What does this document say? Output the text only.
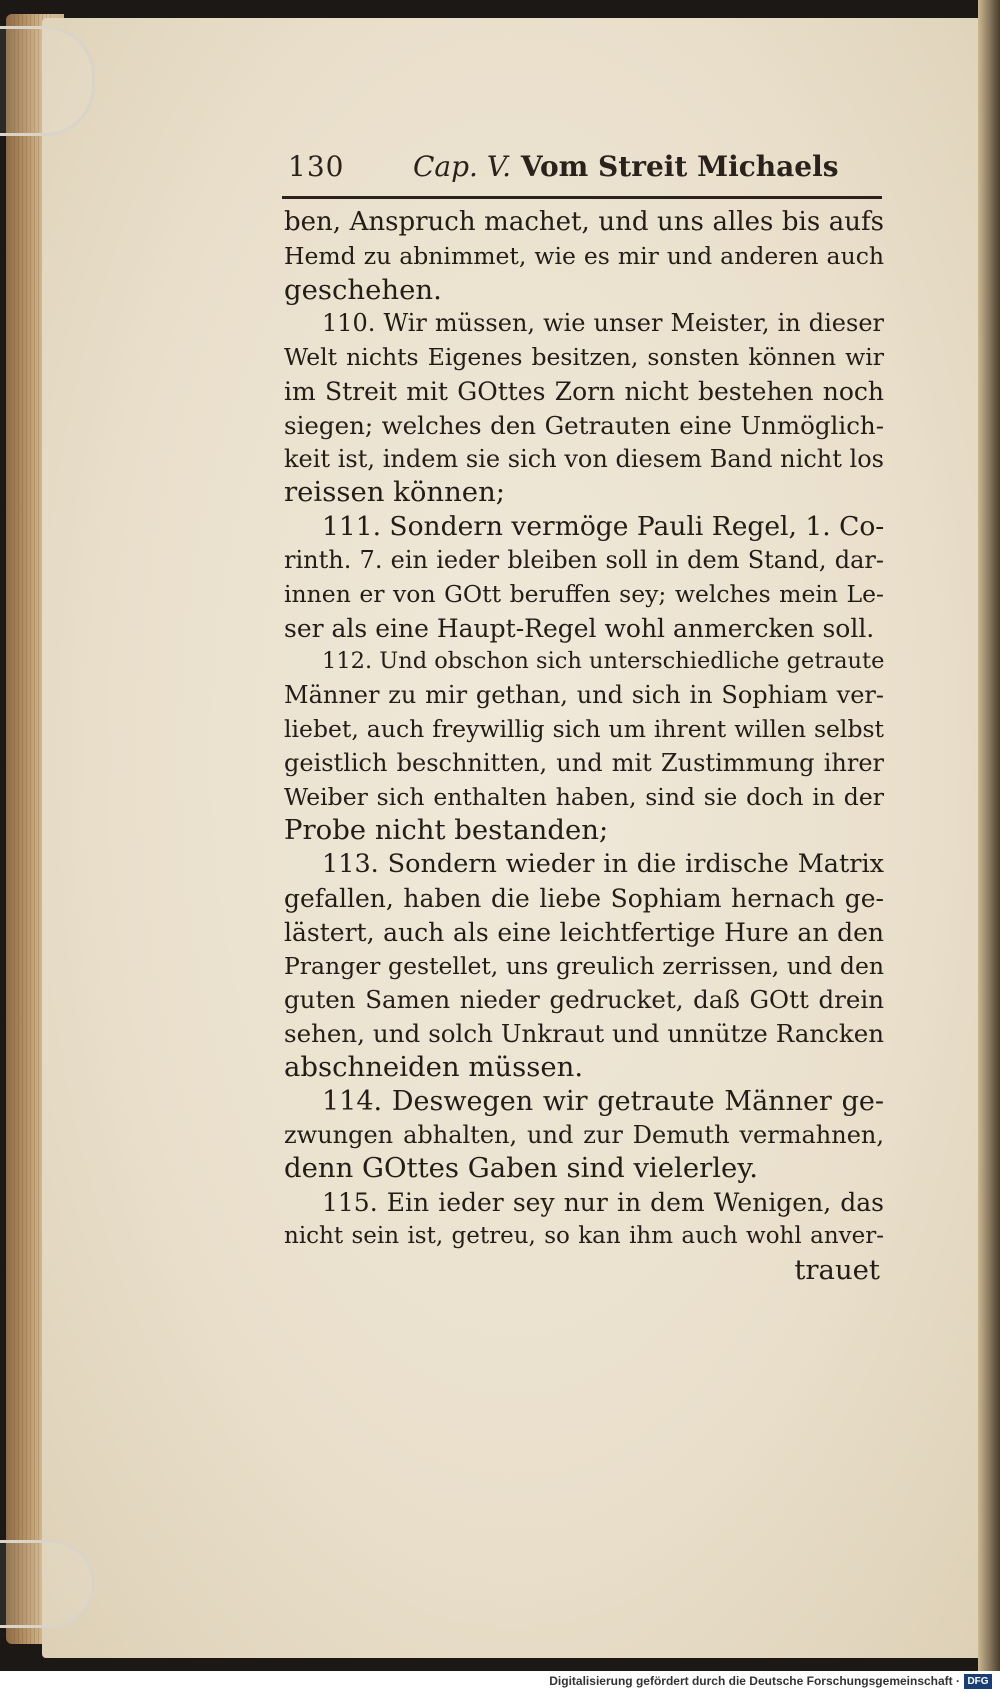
130 Cap. V. Vom Streit Michaels
ben, Anspruch machet, und uns alles bis aufs
Hemd zu abnimmet, wie es mir und anderen auch
geschehen.
110. Wir müssen, wie unser Meister, in dieser
Welt nichts Eigenes besitzen, sonsten können wir
im Streit mit GOttes Zorn nicht bestehen noch
siegen; welches den Getrauten eine Unmöglich-
keit ist, indem sie sich von diesem Band nicht los
reissen können;
111. Sondern vermöge Pauli Regel, 1. Co-
rinth. 7. ein ieder bleiben soll in dem Stand, dar-
innen er von GOtt beruffen sey; welches mein Le-
ser als eine Haupt-Regel wohl anmercken soll.
112. Und obschon sich unterschiedliche getraute
Männer zu mir gethan, und sich in Sophiam ver-
liebet, auch freywillig sich um ihrent willen selbst
geistlich beschnitten, und mit Zustimmung ihrer
Weiber sich enthalten haben, sind sie doch in der
Probe nicht bestanden;
113. Sondern wieder in die irdische Matrix
gefallen, haben die liebe Sophiam hernach ge-
lästert, auch als eine leichtfertige Hure an den
Pranger gestellet, uns greulich zerrissen, und den
guten Samen nieder gedrucket, daß GOtt drein
sehen, und solch Unkraut und unnütze Rancken
abschneiden müssen.
114. Deswegen wir getraute Männer ge-
zwungen abhalten, und zur Demuth vermahnen,
denn GOttes Gaben sind vielerley.
115. Ein ieder sey nur in dem Wenigen, das
nicht sein ist, getreu, so kan ihm auch wohl anver-
trauet
Digitalisierung gefördert durch die Deutsche Forschungsgemeinschaft · DFG
